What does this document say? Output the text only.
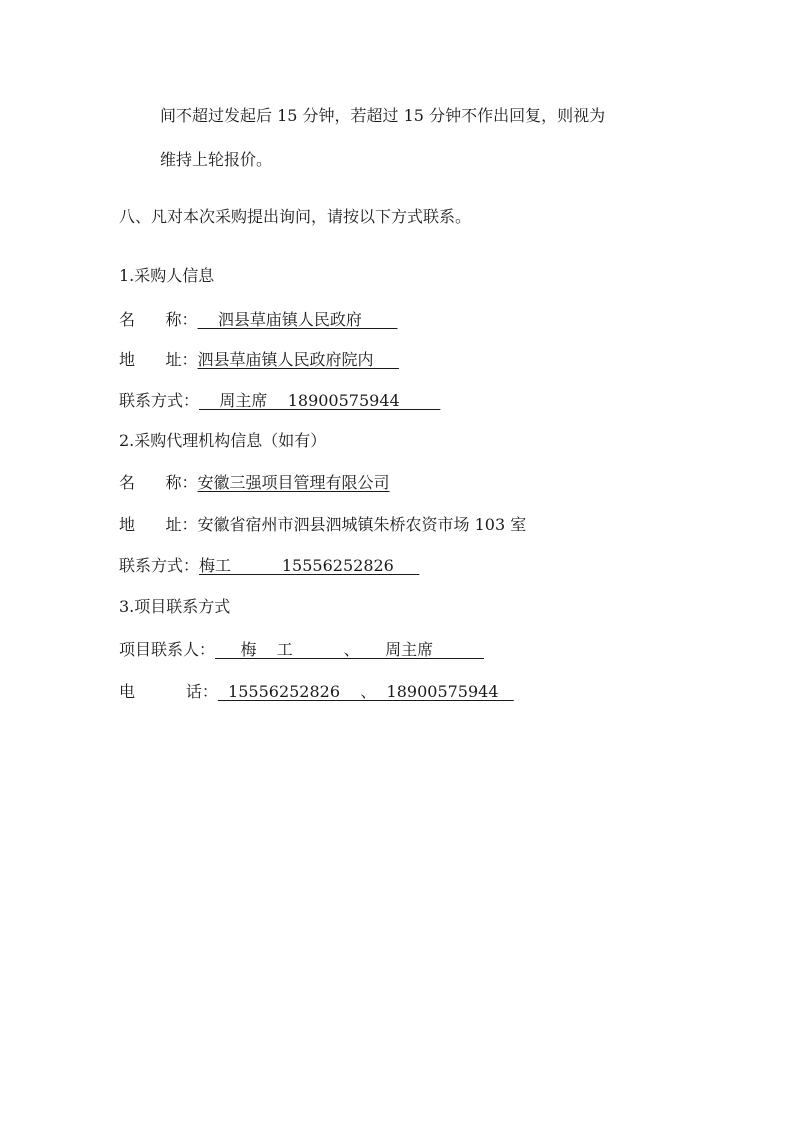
间不超过发起后 15 分钟，若超过 15 分钟不作出回复，则视为
维持上轮报价。
八、凡对本次采购提出询问，请按以下方式联系。
1.采购人信息
名      称：    泗县草庙镇人民政府
地      址：泗县草庙镇人民政府院内
联系方式：    周主席    18900575944
2.采购代理机构信息（如有）
名      称：安徽三强项目管理有限公司
地      址：安徽省宿州市泗县泗城镇朱桥农资市场 103 室
联系方式：梅工          15556252826
3.项目联系方式
项目联系人：     梅    工          、     周主席
电          话：  15556252826    、  18900575944
